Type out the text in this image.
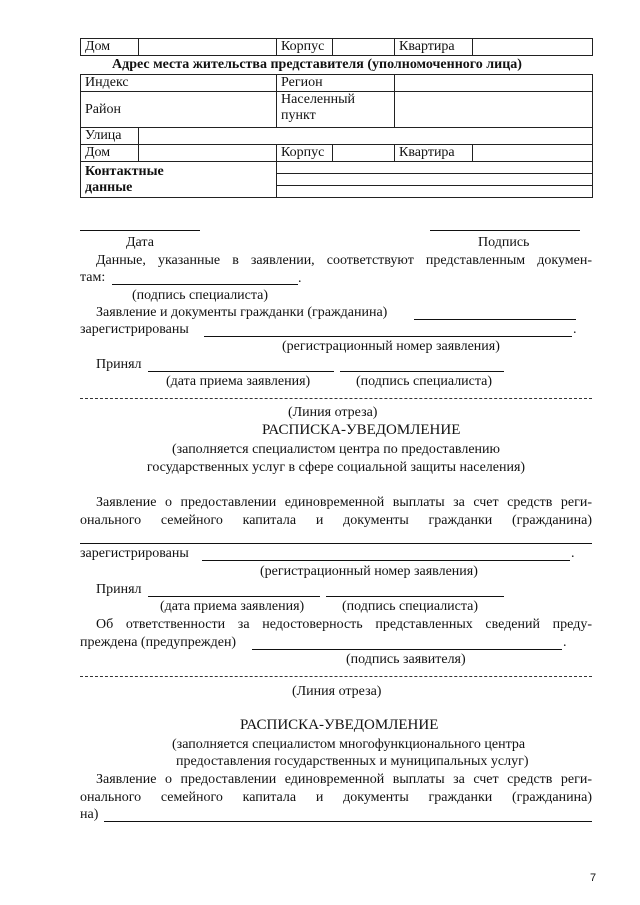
Дом		Корпус		Квартира	
Адрес места жительства представителя (уполномоченного лица)
Индекс		Регион			
Район		Населенный пункт			
Улица					
Дом		Корпус		Квартира	
Контактные данные					
Дата	Подпись
Данные, указанные в заявлении, соответствуют представленным докумен-
там:	.
(подпись специалиста)
Заявление и документы гражданки (гражданина)
зарегистрированы	.
(регистрационный номер заявления)
Принял
(дата приема заявления)	(подпись специалиста)
(Линия отреза)
РАСПИСКА-УВЕДОМЛЕНИЕ
(заполняется специалистом центра по предоставлению
государственных услуг в сфере социальной защиты населения)
Заявление о предоставлении единовременной выплаты за счет средств реги-
онального семейного капитала и документы гражданки (гражданина)
зарегистрированы	.
(регистрационный номер заявления)
Принял
(дата приема заявления)	(подпись специалиста)
Об ответственности за недостоверность представленных сведений преду-
преждена (предупрежден)	.
(подпись заявителя)
(Линия отреза)
РАСПИСКА-УВЕДОМЛЕНИЕ
(заполняется специалистом многофункционального центра
предоставления государственных и муниципальных услуг)
Заявление о предоставлении единовременной выплаты за счет средств реги-
онального семейного капитала и документы гражданки (гражданина)
на)
7
